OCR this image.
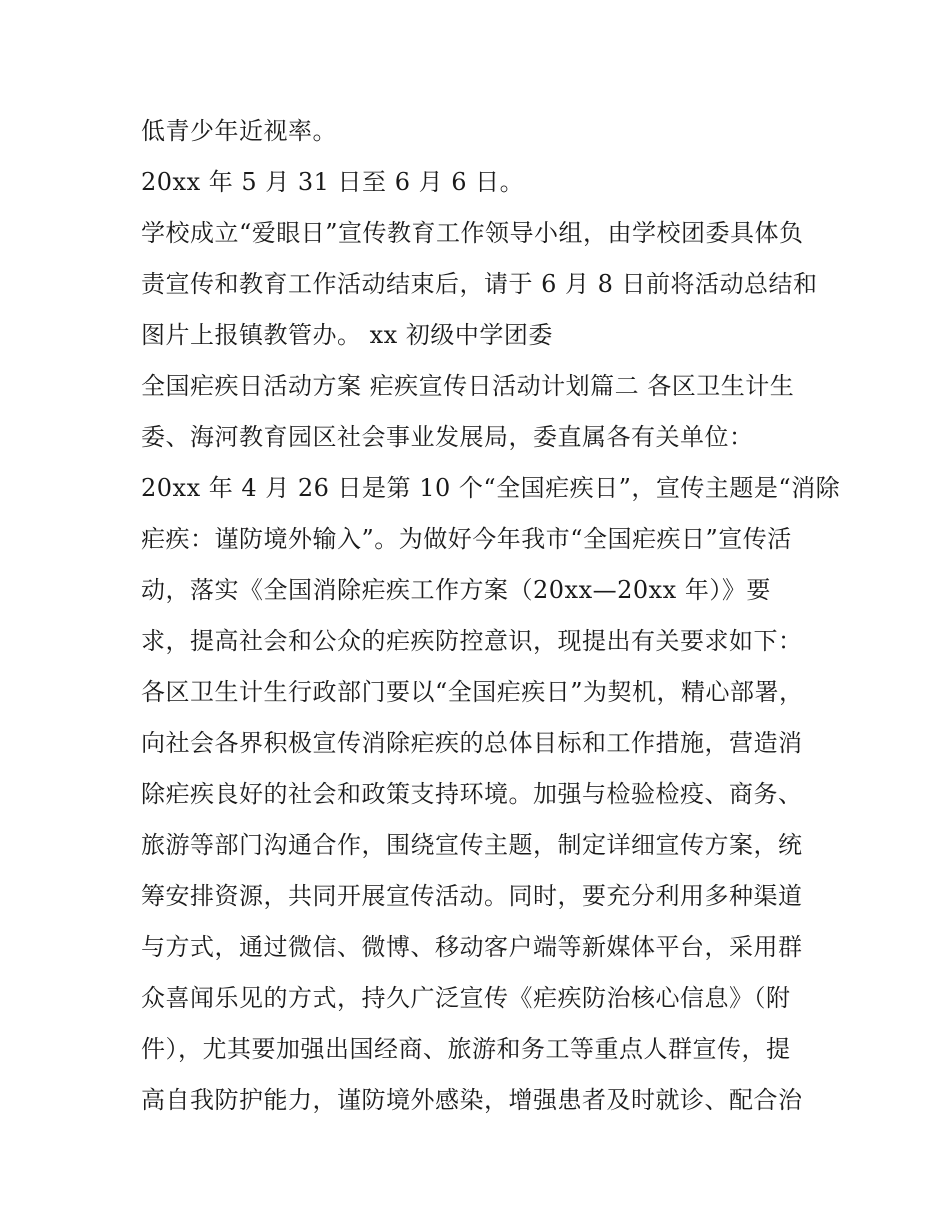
低青少年近视率。
20xx 年 5 月 31 日至 6 月 6 日。
学校成立“爱眼日”宣传教育工作领导小组，由学校团委具体负
责宣传和教育工作活动结束后，请于 6 月 8 日前将活动总结和
图片上报镇教管办。 xx 初级中学团委
全国疟疾日活动方案 疟疾宣传日活动计划篇二 各区卫生计生
委、海河教育园区社会事业发展局，委直属各有关单位：
20xx 年 4 月 26 日是第 10 个“全国疟疾日”，宣传主题是“消除
疟疾：谨防境外输入”。为做好今年我市“全国疟疾日”宣传活
动，落实《全国消除疟疾工作方案（20xx—20xx 年）》要
求，提高社会和公众的疟疾防控意识，现提出有关要求如下：
各区卫生计生行政部门要以“全国疟疾日”为契机，精心部署，
向社会各界积极宣传消除疟疾的总体目标和工作措施，营造消
除疟疾良好的社会和政策支持环境。加强与检验检疫、商务、
旅游等部门沟通合作，围绕宣传主题，制定详细宣传方案，统
筹安排资源，共同开展宣传活动。同时，要充分利用多种渠道
与方式，通过微信、微博、移动客户端等新媒体平台，采用群
众喜闻乐见的方式，持久广泛宣传《疟疾防治核心信息》（附
件），尤其要加强出国经商、旅游和务工等重点人群宣传，提
高自我防护能力，谨防境外感染，增强患者及时就诊、配合治
